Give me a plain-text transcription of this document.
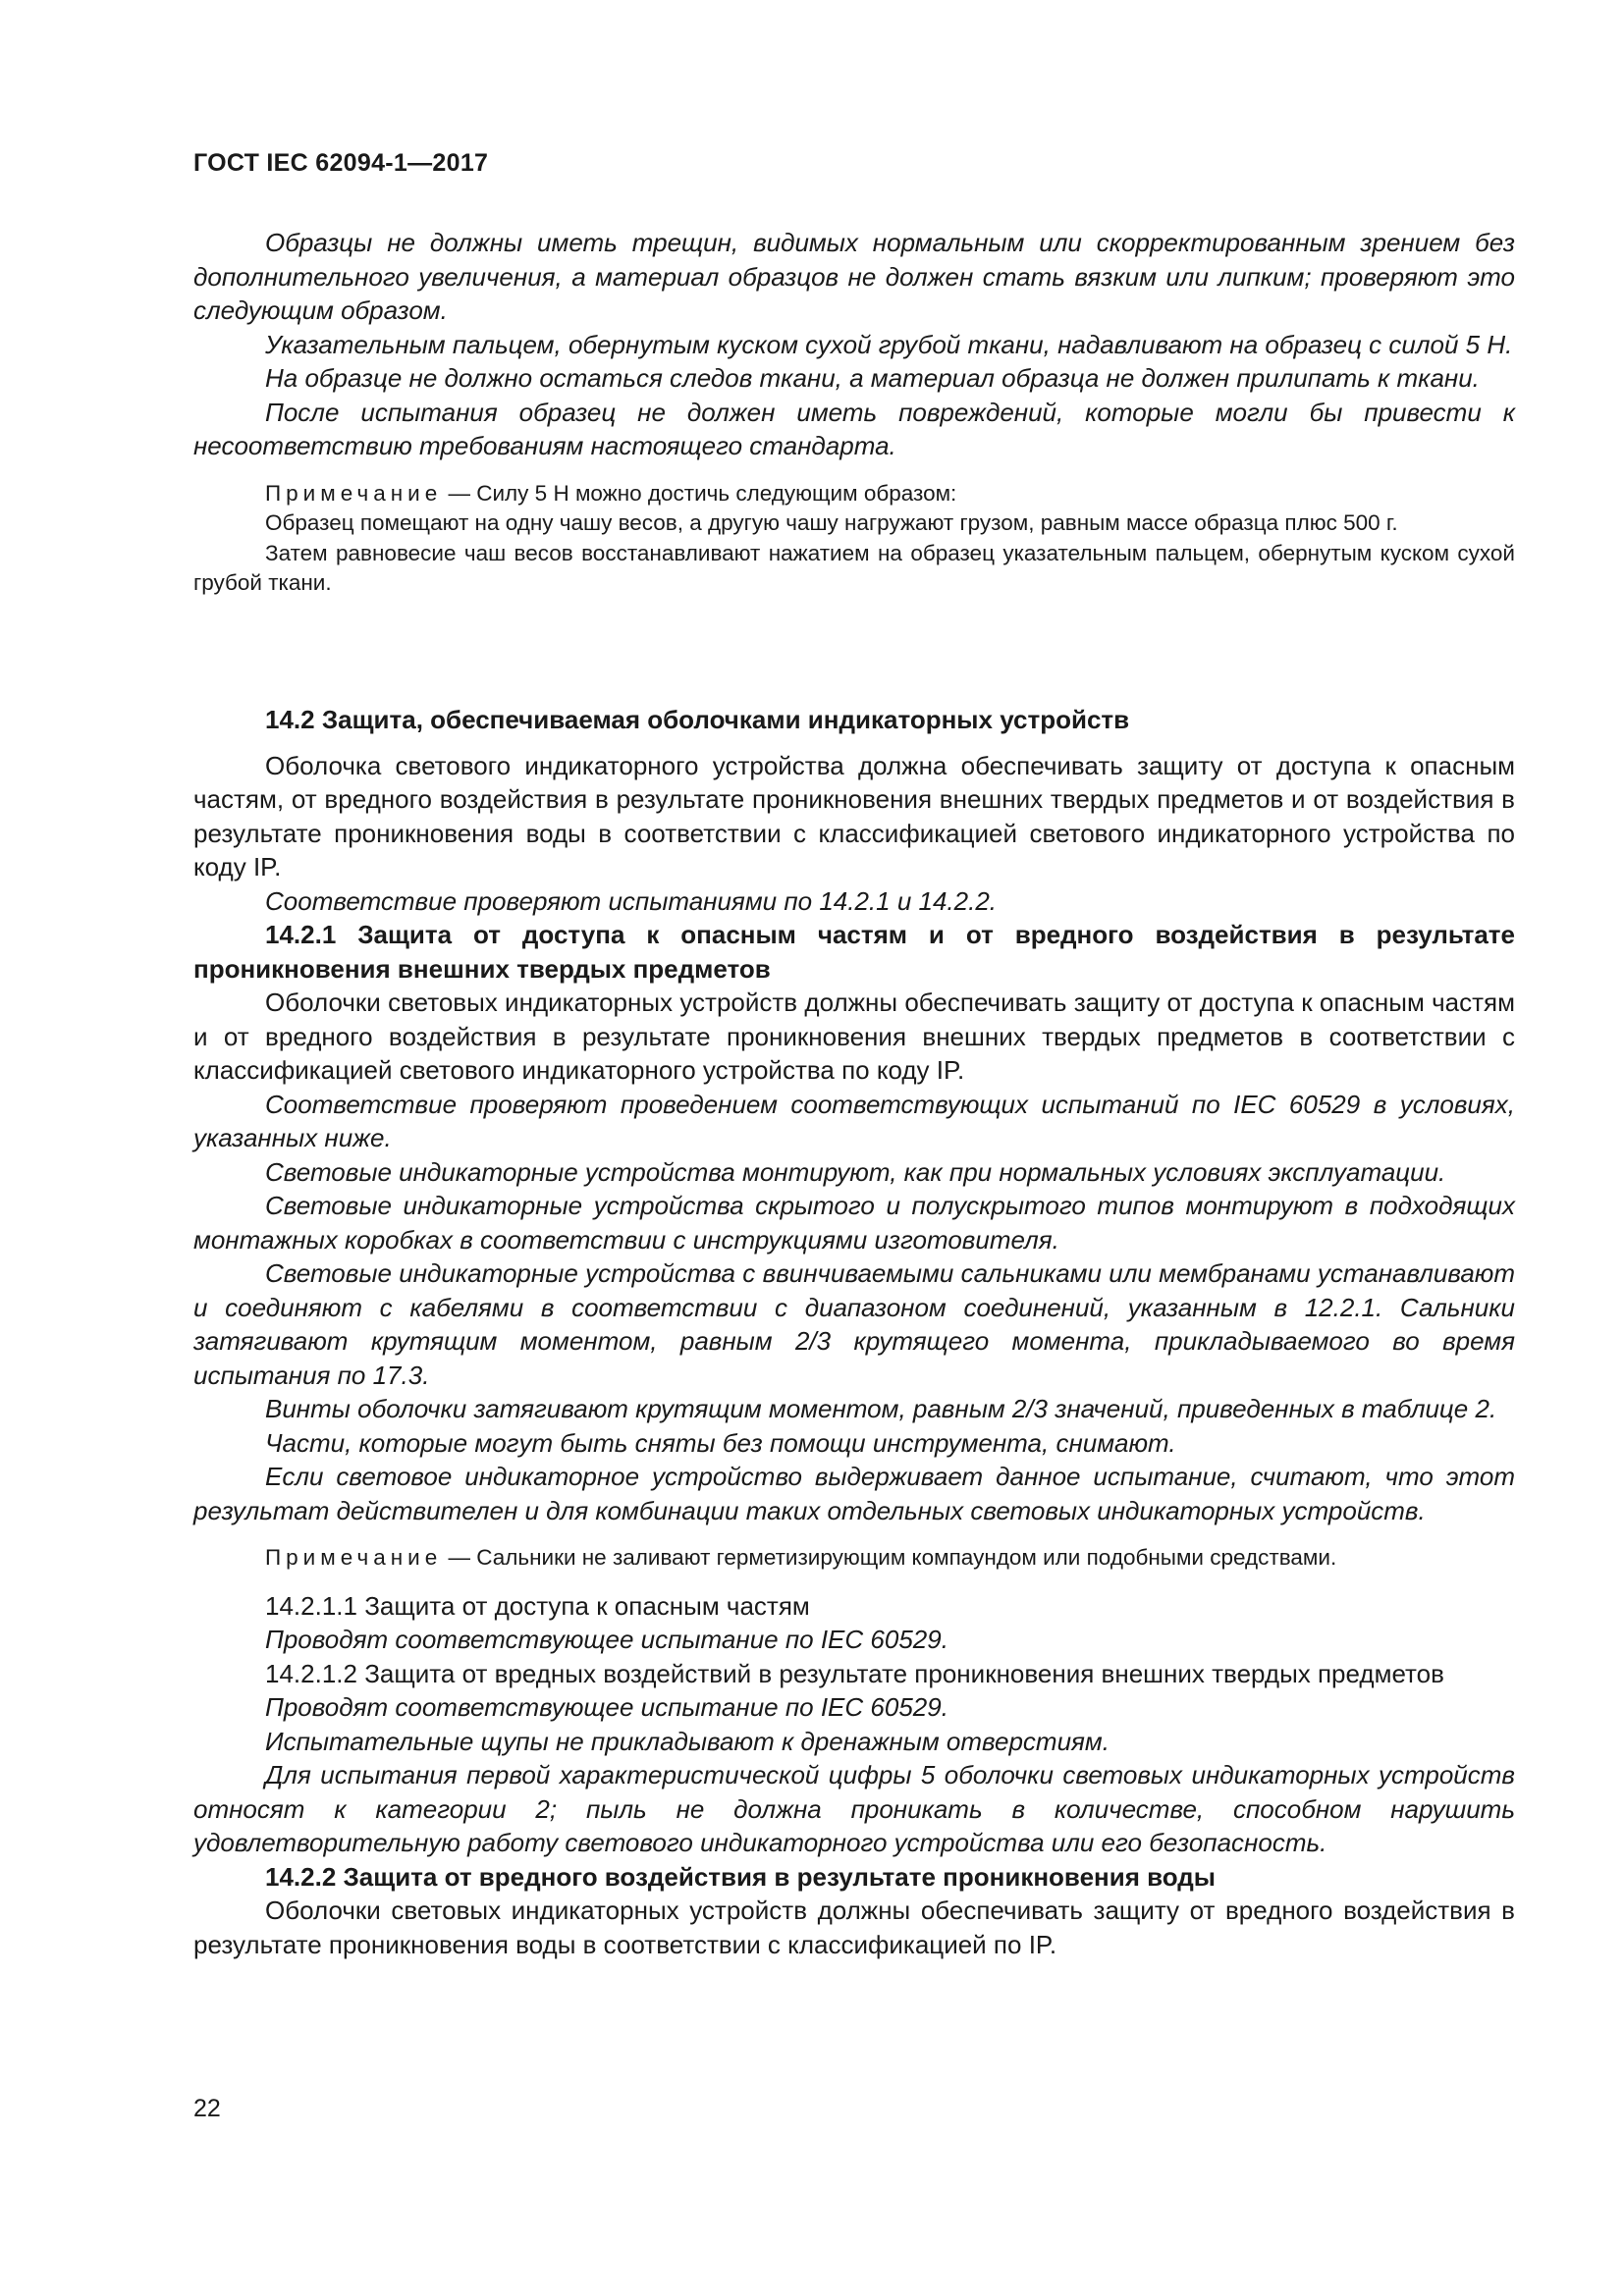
ГОСТ IEC 62094-1—2017

Образцы не должны иметь трещин, видимых нормальным или скорректированным зрением без дополнительного увеличения, а материал образцов не должен стать вязким или липким; проверяют это следующим образом.

Указательным пальцем, обернутым куском сухой грубой ткани, надавливают на образец с силой 5 Н.

На образце не должно остаться следов ткани, а материал образца не должен прилипать к ткани.

После испытания образец не должен иметь повреждений, которые могли бы привести к несоответствию требованиям настоящего стандарта.

Примечание — Силу 5 Н можно достичь следующим образом:

Образец помещают на одну чашу весов, а другую чашу нагружают грузом, равным массе образца плюс 500 г.

Затем равновесие чаш весов восстанавливают нажатием на образец указательным пальцем, обернутым куском сухой грубой ткани.

14.2 Защита, обеспечиваемая оболочками индикаторных устройств

Оболочка светового индикаторного устройства должна обеспечивать защиту от доступа к опасным частям, от вредного воздействия в результате проникновения внешних твердых предметов и от воздействия в результате проникновения воды в соответствии с классификацией светового индикаторного устройства по коду IP.

Соответствие проверяют испытаниями по 14.2.1 и 14.2.2.

14.2.1 Защита от доступа к опасным частям и от вредного воздействия в результате проникновения внешних твердых предметов

Оболочки световых индикаторных устройств должны обеспечивать защиту от доступа к опасным частям и от вредного воздействия в результате проникновения внешних твердых предметов в соответствии с классификацией светового индикаторного устройства по коду IP.

Соответствие проверяют проведением соответствующих испытаний по IEC 60529 в условиях, указанных ниже.

Световые индикаторные устройства монтируют, как при нормальных условиях эксплуатации.

Световые индикаторные устройства скрытого и полускрытого типов монтируют в подходящих монтажных коробках в соответствии с инструкциями изготовителя.

Световые индикаторные устройства с ввинчиваемыми сальниками или мембранами устанавливают и соединяют с кабелями в соответствии с диапазоном соединений, указанным в 12.2.1. Сальники затягивают крутящим моментом, равным 2/3 крутящего момента, прикладываемого во время испытания по 17.3.

Винты оболочки затягивают крутящим моментом, равным 2/3 значений, приведенных в таблице 2.

Части, которые могут быть сняты без помощи инструмента, снимают.

Если световое индикаторное устройство выдерживает данное испытание, считают, что этот результат действителен и для комбинации таких отдельных световых индикаторных устройств.

Примечание — Сальники не заливают герметизирующим компаундом или подобными средствами.

14.2.1.1 Защита от доступа к опасным частям

Проводят соответствующее испытание по IEC 60529.

14.2.1.2 Защита от вредных воздействий в результате проникновения внешних твердых предметов

Проводят соответствующее испытание по IEC 60529.

Испытательные щупы не прикладывают к дренажным отверстиям.

Для испытания первой характеристической цифры 5 оболочки световых индикаторных устройств относят к категории 2; пыль не должна проникать в количестве, способном нарушить удовлетворительную работу светового индикаторного устройства или его безопасность.

14.2.2 Защита от вредного воздействия в результате проникновения воды

Оболочки световых индикаторных устройств должны обеспечивать защиту от вредного воздействия в результате проникновения воды в соответствии с классификацией по IP.

22
